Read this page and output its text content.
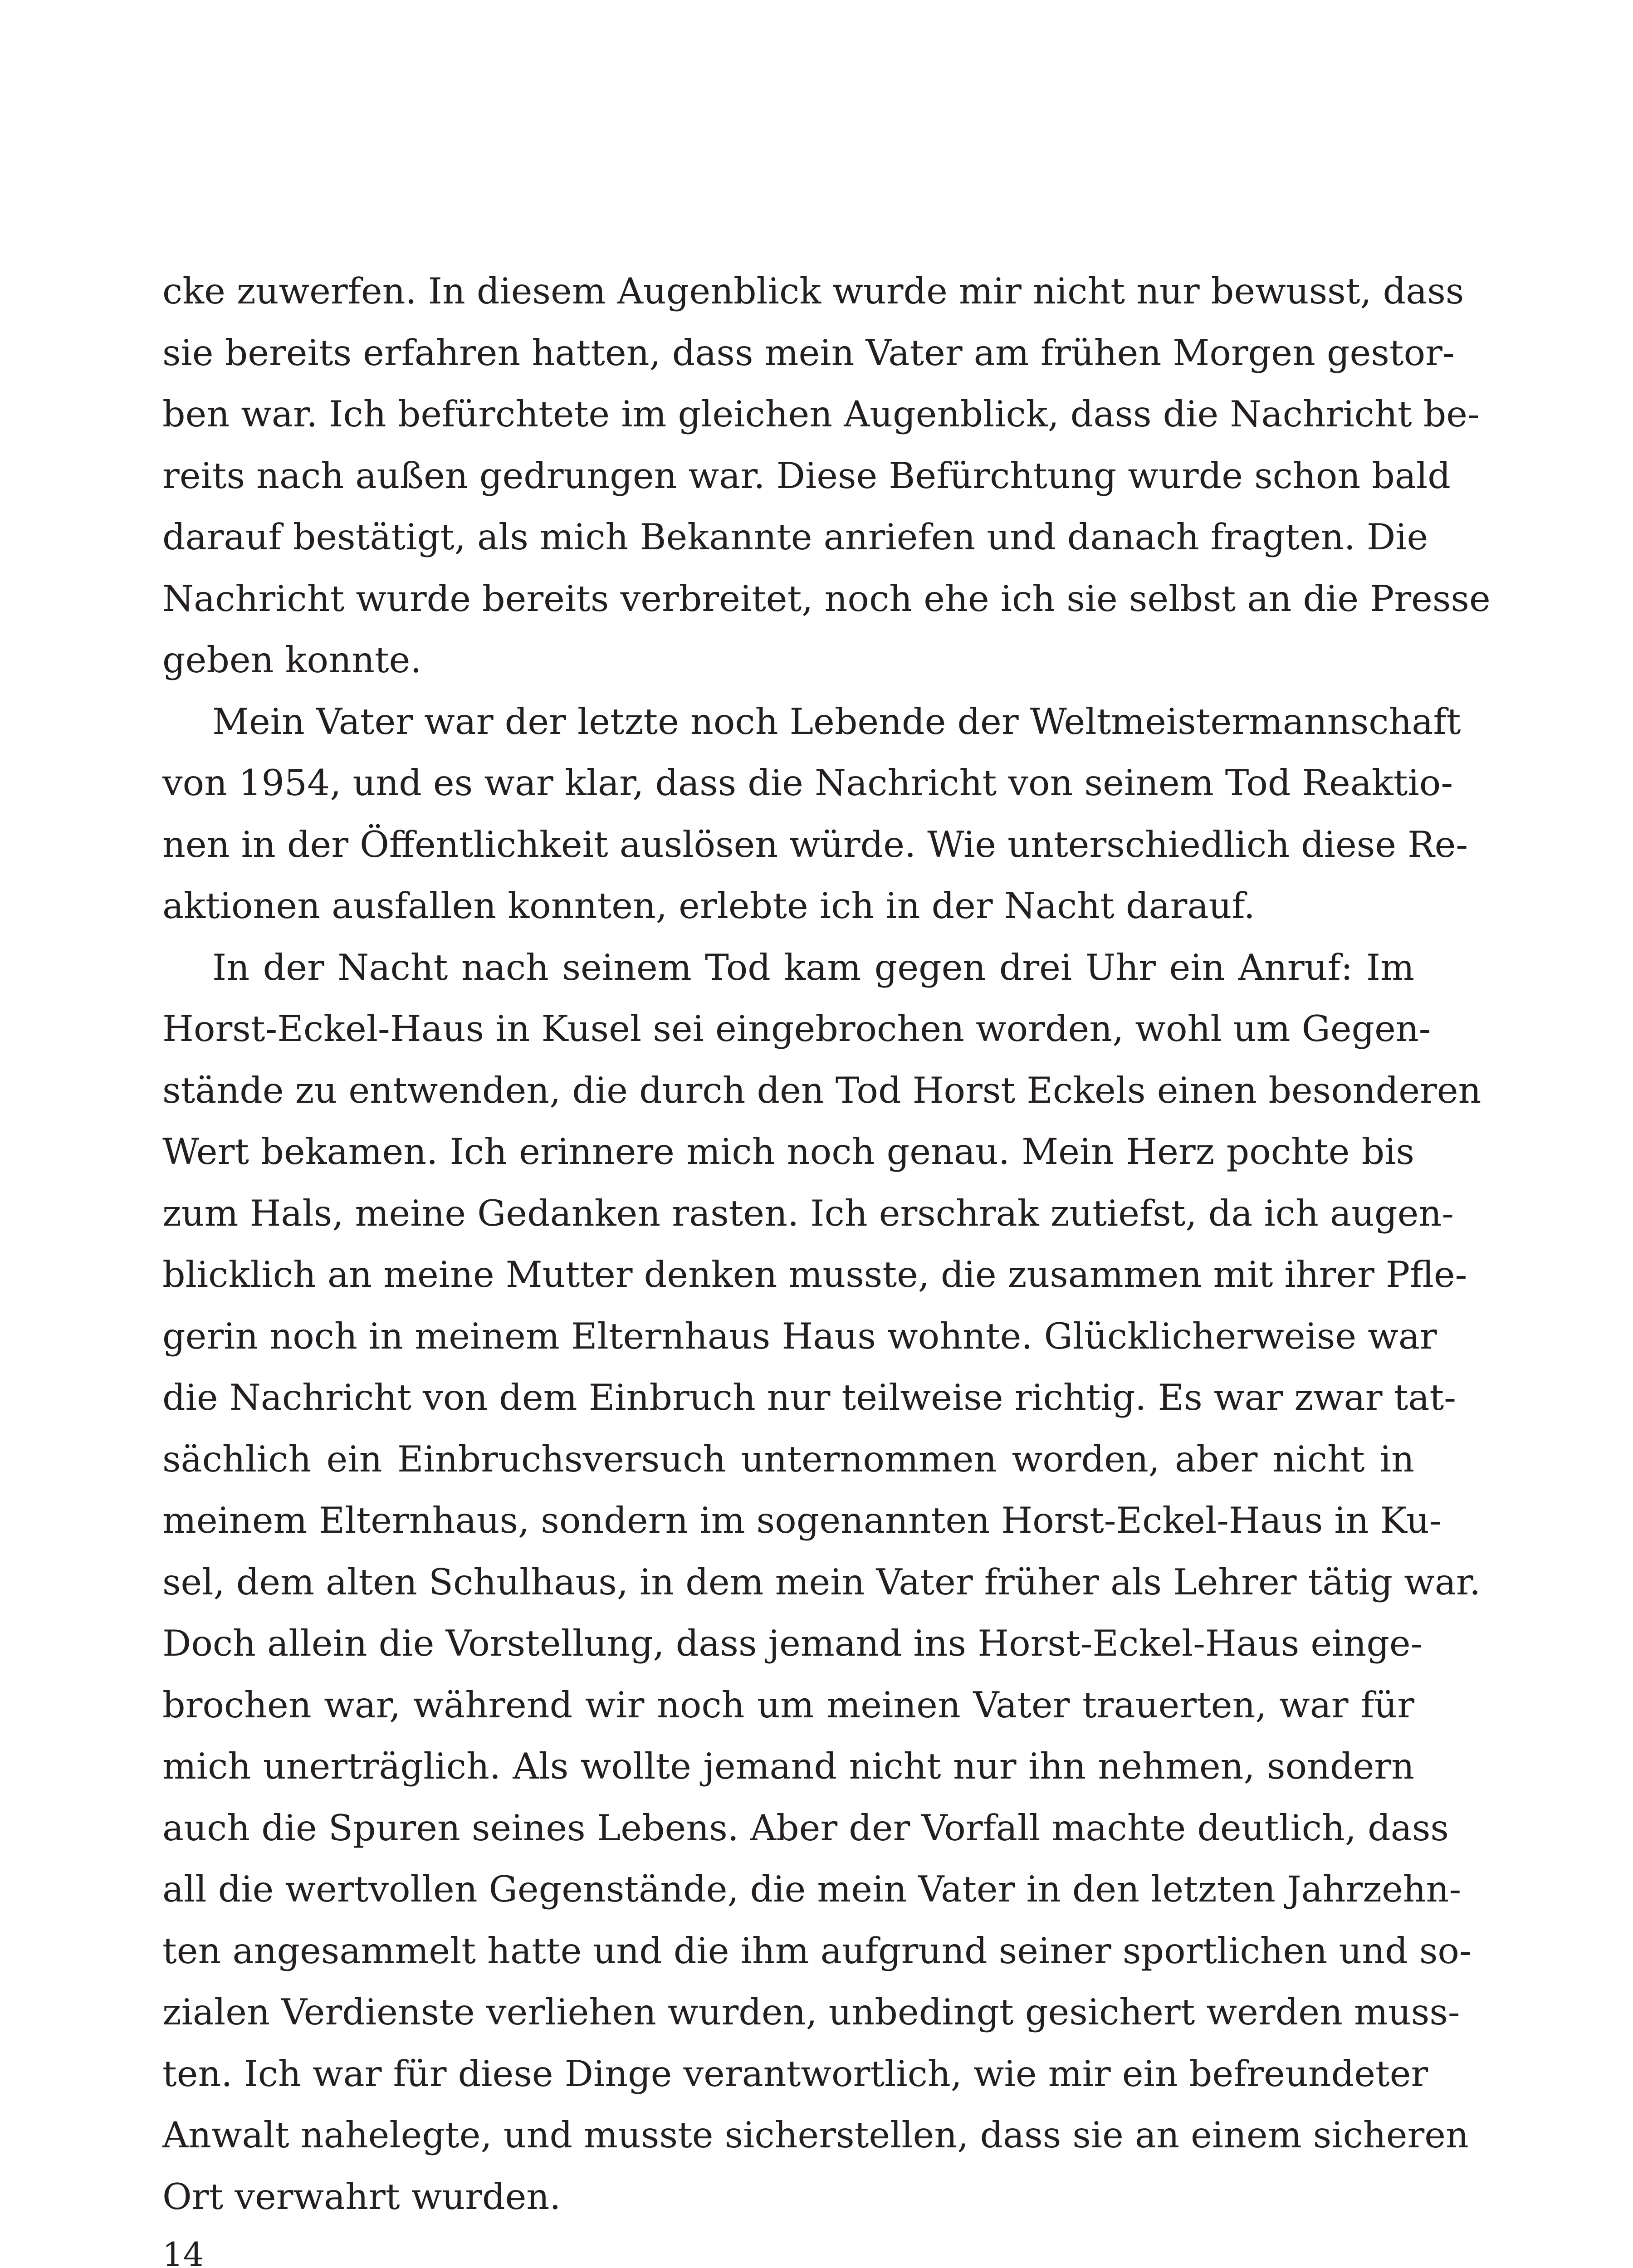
cke zuwerfen. In diesem Augenblick wurde mir nicht nur bewusst, dass
sie bereits erfahren hatten, dass mein Vater am frühen Morgen gestor-
ben war. Ich befürchtete im gleichen Augenblick, dass die Nachricht be-
reits nach außen gedrungen war. Diese Befürchtung wurde schon bald
darauf bestätigt, als mich Bekannte anriefen und danach fragten. Die
Nachricht wurde bereits verbreitet, noch ehe ich sie selbst an die Presse
geben konnte.
Mein Vater war der letzte noch Lebende der Weltmeistermannschaft
von 1954, und es war klar, dass die Nachricht von seinem Tod Reaktio-
nen in der Öffentlichkeit auslösen würde. Wie unterschiedlich diese Re-
aktionen ausfallen konnten, erlebte ich in der Nacht darauf.
In der Nacht nach seinem Tod kam gegen drei Uhr ein Anruf: Im
Horst-Eckel-Haus in Kusel sei eingebrochen worden, wohl um Gegen-
stände zu entwenden, die durch den Tod Horst Eckels einen besonderen
Wert bekamen. Ich erinnere mich noch genau. Mein Herz pochte bis
zum Hals, meine Gedanken rasten. Ich erschrak zutiefst, da ich augen-
blicklich an meine Mutter denken musste, die zusammen mit ihrer Pfle-
gerin noch in meinem Elternhaus Haus wohnte. Glücklicherweise war
die Nachricht von dem Einbruch nur teilweise richtig. Es war zwar tat-
sächlich ein Einbruchsversuch unternommen worden, aber nicht in
meinem Elternhaus, sondern im sogenannten Horst-Eckel-Haus in Ku-
sel, dem alten Schulhaus, in dem mein Vater früher als Lehrer tätig war.
Doch allein die Vorstellung, dass jemand ins Horst-Eckel-Haus einge-
brochen war, während wir noch um meinen Vater trauerten, war für
mich unerträglich. Als wollte jemand nicht nur ihn nehmen, sondern
auch die Spuren seines Lebens. Aber der Vorfall machte deutlich, dass
all die wertvollen Gegenstände, die mein Vater in den letzten Jahrzehn-
ten angesammelt hatte und die ihm aufgrund seiner sportlichen und so-
zialen Verdienste verliehen wurden, unbedingt gesichert werden muss-
ten. Ich war für diese Dinge verantwortlich, wie mir ein befreundeter
Anwalt nahelegte, und musste sicherstellen, dass sie an einem sicheren
Ort verwahrt wurden.
14
